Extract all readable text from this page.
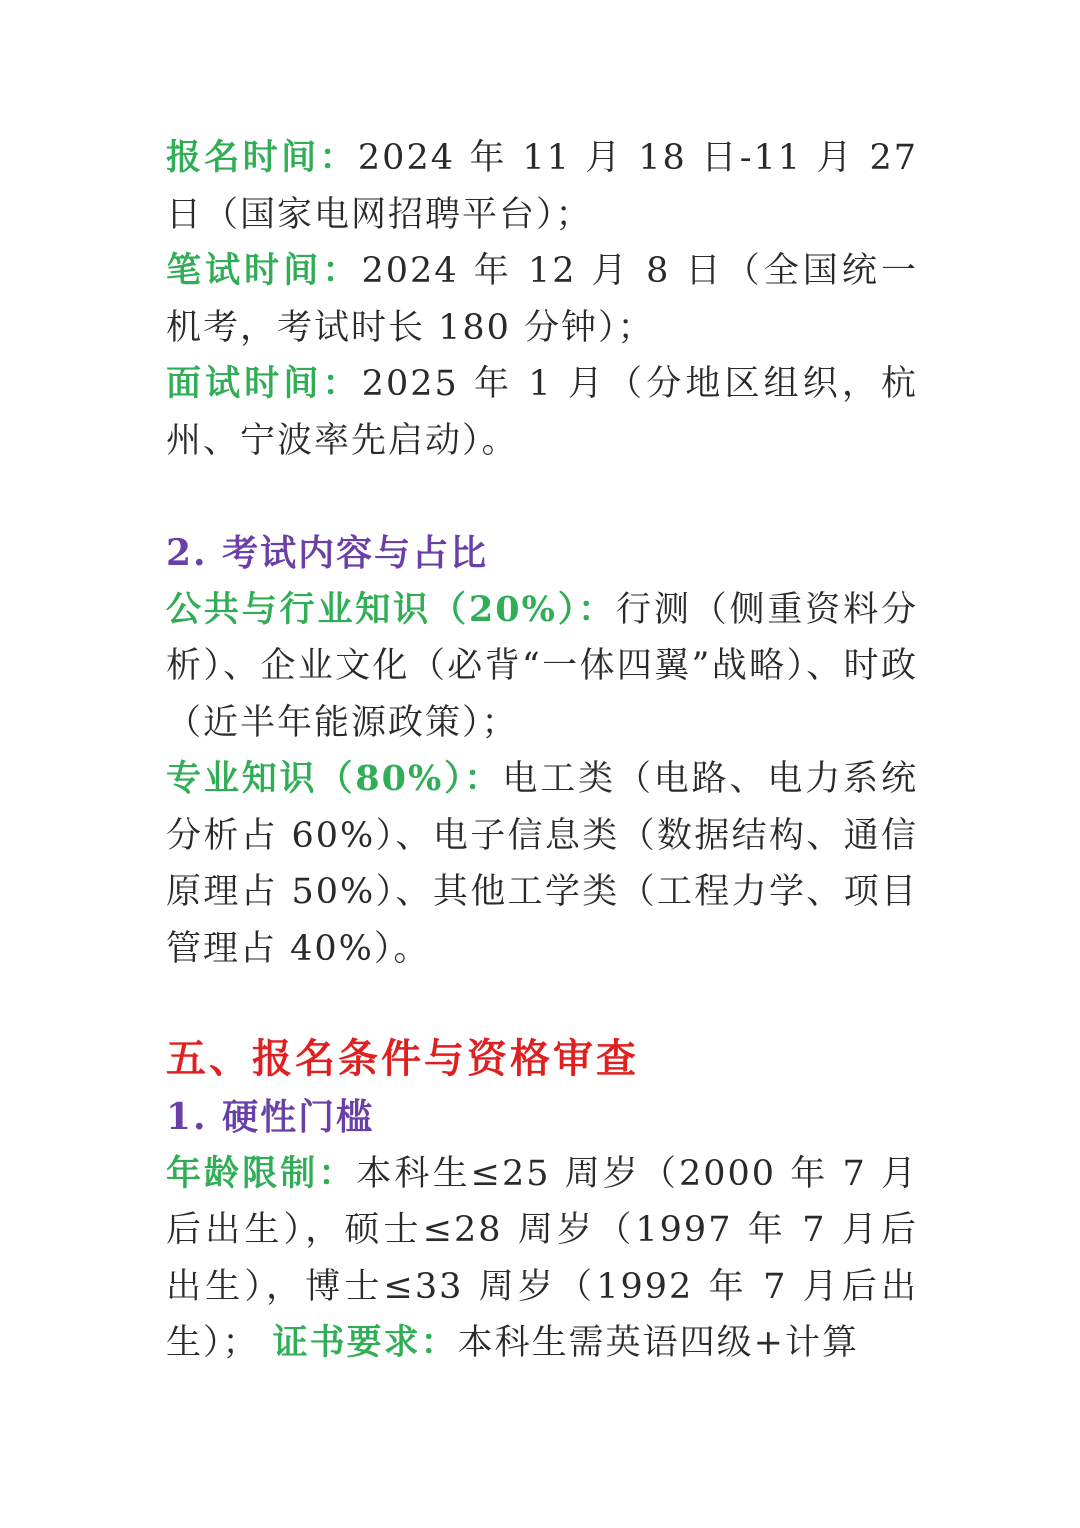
报名时间：2024 年 11 月 18 日-11 月 27 日（国家电网招聘平台）；

笔试时间：2024 年 12 月 8 日（全国统一机考，考试时长 180 分钟）；

面试时间：2025 年 1 月（分地区组织，杭州、宁波率先启动）。

2. 考试内容与占比

公共与行业知识（20%）：行测（侧重资料分析）、企业文化（必背“一体四翼”战略）、时政（近半年能源政策）；

专业知识（80%）：电工类（电路、电力系统分析占 60%）、电子信息类（数据结构、通信原理占 50%）、其他工学类（工程力学、项目管理占 40%）。

五、报名条件与资格审查

1. 硬性门槛

年龄限制：本科生≤25 周岁（2000 年 7 月后出生），硕士≤28 周岁（1997 年 7 月后出生），博士≤33 周岁（1992 年 7 月后出生）； 证书要求：本科生需英语四级+计算
